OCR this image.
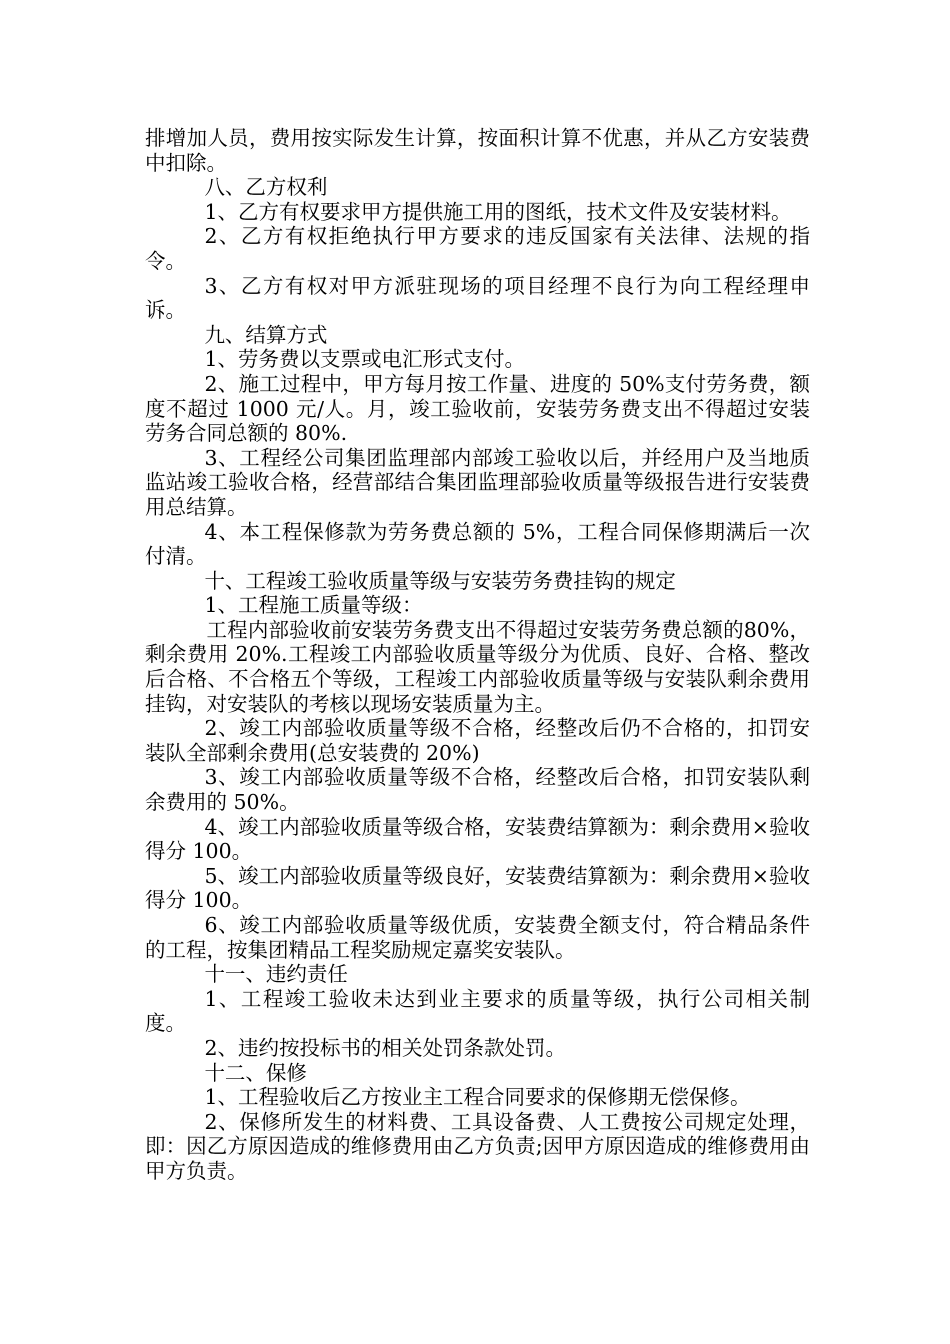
排增加人员，费用按实际发生计算，按面积计算不优惠，并从乙方安装费中扣除。

八、乙方权利

1、乙方有权要求甲方提供施工用的图纸，技术文件及安装材料。

2、乙方有权拒绝执行甲方要求的违反国家有关法律、法规的指令。

3、乙方有权对甲方派驻现场的项目经理不良行为向工程经理申诉。

九、结算方式

1、劳务费以支票或电汇形式支付。

2、施工过程中，甲方每月按工作量、进度的 50%支付劳务费，额度不超过 1000 元/人。月，竣工验收前，安装劳务费支出不得超过安装劳务合同总额的 80%.

3、工程经公司集团监理部内部竣工验收以后，并经用户及当地质监站竣工验收合格，经营部结合集团监理部验收质量等级报告进行安装费用总结算。

4、本工程保修款为劳务费总额的 5%，工程合同保修期满后一次付清。

十、工程竣工验收质量等级与安装劳务费挂钩的规定

1、工程施工质量等级：

工程内部验收前安装劳务费支出不得超过安装劳务费总额的80%，剩余费用 20%.工程竣工内部验收质量等级分为优质、良好、合格、整改后合格、不合格五个等级，工程竣工内部验收质量等级与安装队剩余费用挂钩，对安装队的考核以现场安装质量为主。

2、竣工内部验收质量等级不合格，经整改后仍不合格的，扣罚安装队全部剩余费用(总安装费的 20%)

3、竣工内部验收质量等级不合格，经整改后合格，扣罚安装队剩余费用的 50%。

4、竣工内部验收质量等级合格，安装费结算额为：剩余费用×验收得分 100。

5、竣工内部验收质量等级良好，安装费结算额为：剩余费用×验收得分 100。

6、竣工内部验收质量等级优质，安装费全额支付，符合精品条件的工程，按集团精品工程奖励规定嘉奖安装队。

十一、违约责任

1、工程竣工验收未达到业主要求的质量等级，执行公司相关制度。

2、违约按投标书的相关处罚条款处罚。

十二、保修

1、工程验收后乙方按业主工程合同要求的保修期无偿保修。

2、保修所发生的材料费、工具设备费、人工费按公司规定处理，即：因乙方原因造成的维修费用由乙方负责;因甲方原因造成的维修费用由甲方负责。
